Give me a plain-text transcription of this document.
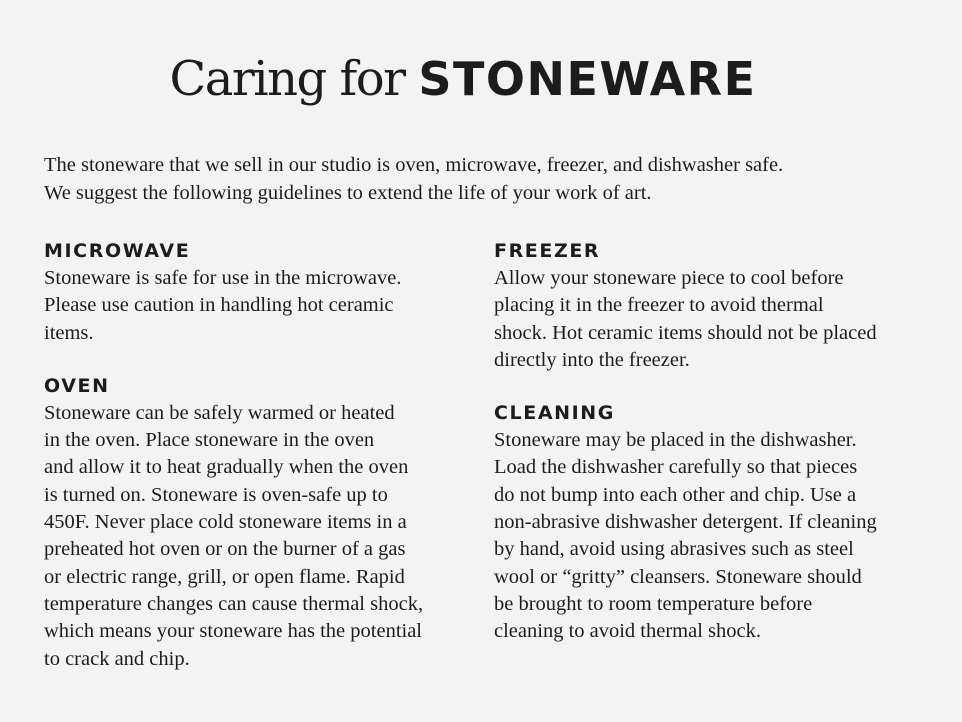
Caring for STONEWARE

The stoneware that we sell in our studio is oven, microwave, freezer, and dishwasher safe.
We suggest the following guidelines to extend the life of your work of art.

MICROWAVE

Stoneware is safe for use in the microwave.
Please use caution in handling hot ceramic
items.

OVEN

Stoneware can be safely warmed or heated
in the oven. Place stoneware in the oven
and allow it to heat gradually when the oven
is turned on. Stoneware is oven-safe up to
450F. Never place cold stoneware items in a
preheated hot oven or on the burner of a gas
or electric range, grill, or open flame. Rapid
temperature changes can cause thermal shock,
which means your stoneware has the potential
to crack and chip.

FREEZER

Allow your stoneware piece to cool before
placing it in the freezer to avoid thermal
shock. Hot ceramic items should not be placed
directly into the freezer.

CLEANING

Stoneware may be placed in the dishwasher.
Load the dishwasher carefully so that pieces
do not bump into each other and chip. Use a
non-abrasive dishwasher detergent. If cleaning
by hand, avoid using abrasives such as steel
wool or “gritty” cleansers. Stoneware should
be brought to room temperature before
cleaning to avoid thermal shock.
